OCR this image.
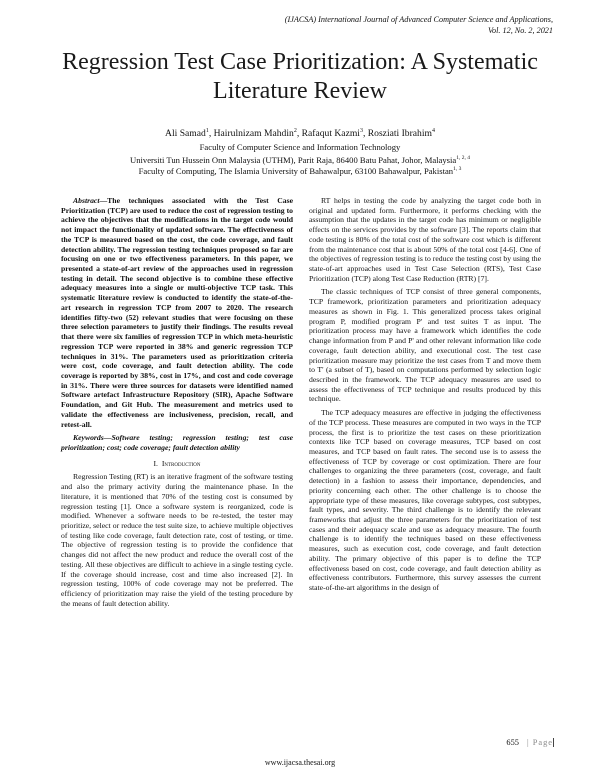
(IJACSA) International Journal of Advanced Computer Science and Applications,
Vol. 12, No. 2, 2021
Regression Test Case Prioritization: A Systematic
Literature Review
Ali Samad$^1$, Hairulnizam Mahdin$^2$, Rafaqut Kazmi$^3$, Rosziati Ibrahim$^4$
Faculty of Computer Science and Information Technology
Universiti Tun Hussein Onn Malaysia (UTHM), Parit Raja, 86400 Batu Pahat, Johor, Malaysia$^{1, 2, 4}$
Faculty of Computing, The Islamia University of Bahawalpur, 63100 Bahawalpur, Pakistan$^{1, 3}$

Abstract—The techniques associated with the Test Case Prioritization (TCP) are used to reduce the cost of regression testing to achieve the objectives that the modifications in the target code would not impact the functionality of updated software. The effectiveness of the TCP is measured based on the cost, the code coverage, and fault detection ability. The regression testing techniques proposed so far are focusing on one or two effectiveness parameters. In this paper, we presented a state-of-art review of the approaches used in regression testing in detail. The second objective is to combine these effective adequacy measures into a single or multi-objective TCP task. This systematic literature review is conducted to identify the state-of-the-art research in regression TCP from 2007 to 2020. The research identifies fifty-two (52) relevant studies that were focusing on these three selection parameters to justify their findings. The results reveal that there were six families of regression TCP in which meta-heuristic regression TCP were reported in 38% and generic regression TCP techniques in 31%. The parameters used as prioritization criteria were cost, code coverage, and fault detection ability. The code coverage is reported by 38%, cost in 17%, and cost and code coverage in 31%. There were three sources for datasets were identified named Software artefact Infrastructure Repository (SIR), Apache Software Foundation, and Git Hub. The measurement and metrics used to validate the effectiveness are inclusiveness, precision, recall, and retest-all.

Keywords—Software testing; regression testing; test case prioritization; cost; code coverage; fault detection ability

I. Introduction

Regression Testing (RT) is an iterative fragment of the software testing and also the primary activity during the maintenance phase. In the literature, it is mentioned that 70% of the testing cost is consumed by regression testing [1]. Once a software system is reorganized, code is modified. Whenever a software needs to be re-tested, the tester may prioritize, select or reduce the test suite size, to achieve multiple objectives of testing like code coverage, fault detection rate, cost of testing, or time. The objective of regression testing is to provide the confidence that changes did not affect the new product and reduce the overall cost of the testing. All these objectives are difficult to achieve in a single testing cycle. If the coverage should increase, cost and time also increased [2]. In regression testing, 100% of code coverage may not be preferred. The efficiency of prioritization may raise the yield of the testing procedure by the means of fault detection ability.

RT helps in testing the code by analyzing the target code both in original and updated form. Furthermore, it performs checking with the assumption that the updates in the target code has minimum or negligible effects on the services provides by the software [3]. The reports claim that code testing is 80% of the total cost of the software cost which is different from the maintenance cost that is about 50% of the total cost [4-6]. One of the objectives of regression testing is to reduce the testing cost by using the state-of-art approaches used in Test Case Selection (RTS), Test Case Prioritization (TCP) along Test Case Reduction (RTR) [7].

The classic techniques of TCP consist of three general components, TCP framework, prioritization parameters and prioritization adequacy measures as shown in Fig. 1. This generalized process takes original program P, modified program P' and test suites T as input. The prioritization process may have a framework which identifies the code change information from P and P' and other relevant information like code coverage, fault detection ability, and executional cost. The test case prioritization measure may prioritize the test cases from T and move them to T' (a subset of T), based on computations performed by selection logic described in the framework. The TCP adequacy measures are used to assess the effectiveness of TCP technique and results produced by this technique.

The TCP adequacy measures are effective in judging the effectiveness of the TCP process. These measures are computed in two ways in the TCP process, the first is to prioritize the test cases on these prioritization contexts like TCP based on coverage measures, TCP based on cost measures, and TCP based on fault rates. The second use is to assess the effectiveness of TCP by coverage or cost optimization. There are four challenges to organizing the three parameters (cost, coverage, and fault detection) in a fashion to assess their importance, dependencies, and priority concerning each other. The other challenge is to choose the appropriate type of these measures, like coverage subtypes, cost subtypes, fault types, and severity. The third challenge is to identify the relevant frameworks that adjust the three parameters for the prioritization of test cases and their adequacy scale and use as adequacy measure. The fourth challenge is to identify the techniques based on these effectiveness measures, such as execution cost, code coverage, and fault detection ability. The primary objective of this paper is to define the TCP effectiveness based on cost, code coverage, and fault detection ability as effectiveness contributors. Furthermore, this survey assesses the current state-of-the-art algorithms in the design of

655 | Page
www.ijacsa.thesai.org
